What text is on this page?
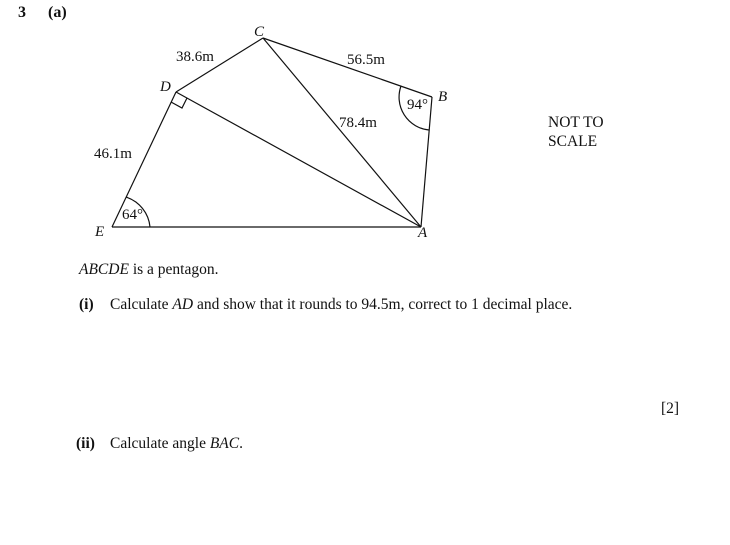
3 (a)
C
B
D
E	A
38.6m	56.5m
78.4m
46.1m
94°
64°
NOT TO
SCALE
ABCDE is a pentagon.
(i) Calculate AD and show that it rounds to 94.5m, correct to 1 decimal place.
[2]
(ii) Calculate angle BAC.
